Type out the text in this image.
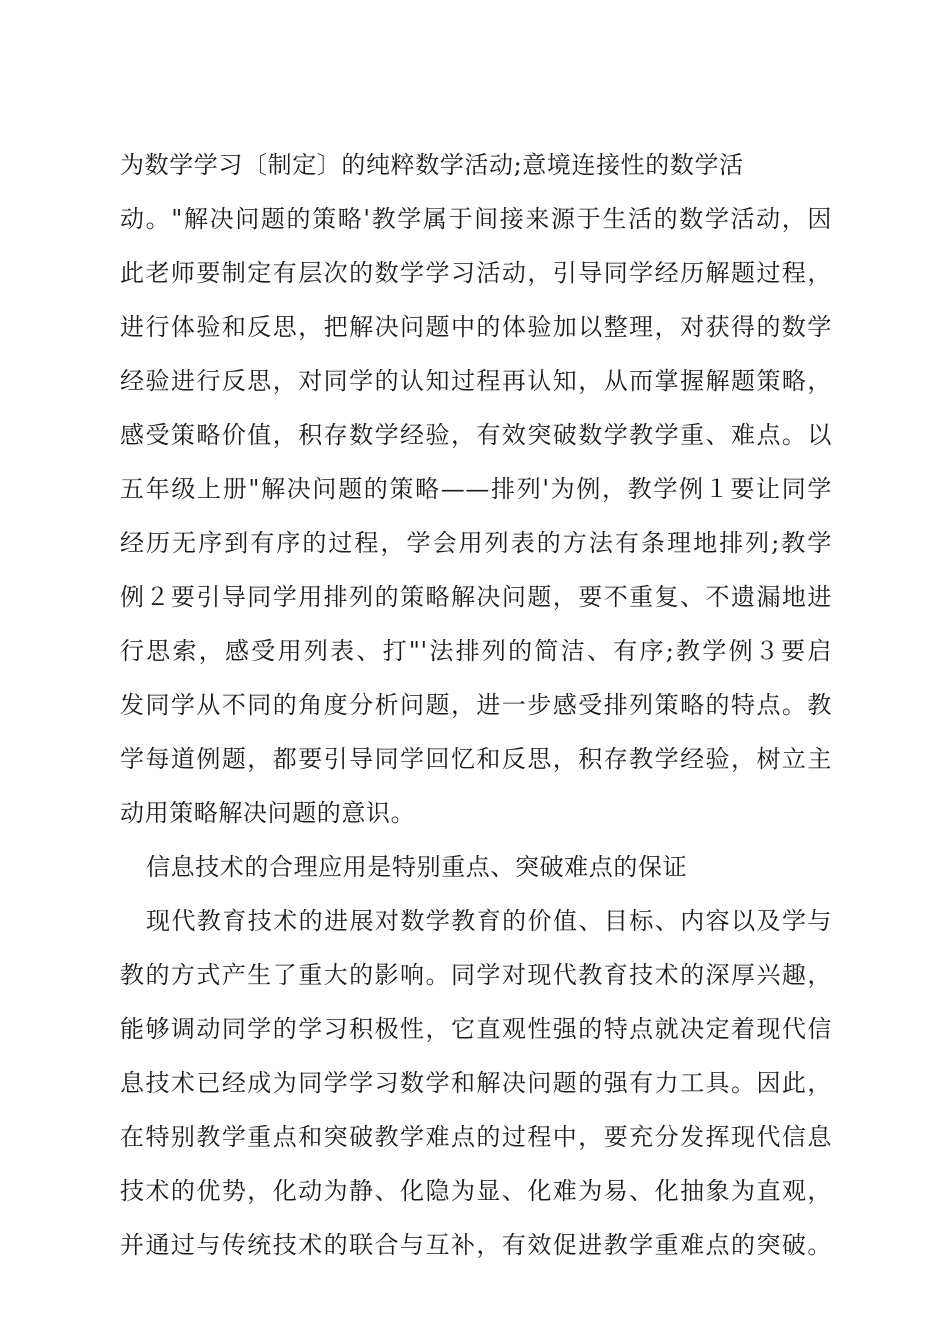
为数学学习〔制定〕的纯粹数学活动;意境连接性的数学活
动。"解决问题的策略'教学属于间接来源于生活的数学活动，因
此老师要制定有层次的数学学习活动，引导同学经历解题过程，
进行体验和反思，把解决问题中的体验加以整理，对获得的数学
经验进行反思，对同学的认知过程再认知，从而掌握解题策略，
感受策略价值，积存数学经验，有效突破数学教学重、难点。以
五年级上册"解决问题的策略——排列'为例，教学例１要让同学
经历无序到有序的过程，学会用列表的方法有条理地排列;教学
例２要引导同学用排列的策略解决问题，要不重复、不遗漏地进
行思索，感受用列表、打"'法排列的简洁、有序;教学例３要启
发同学从不同的角度分析问题，进一步感受排列策略的特点。教
学每道例题，都要引导同学回忆和反思，积存教学经验，树立主
动用策略解决问题的意识。
信息技术的合理应用是特别重点、突破难点的保证
现代教育技术的进展对数学教育的价值、目标、内容以及学与
教的方式产生了重大的影响。同学对现代教育技术的深厚兴趣，
能够调动同学的学习积极性，它直观性强的特点就决定着现代信
息技术已经成为同学学习数学和解决问题的强有力工具。因此，
在特别教学重点和突破教学难点的过程中，要充分发挥现代信息
技术的优势，化动为静、化隐为显、化难为易、化抽象为直观，
并通过与传统技术的联合与互补，有效促进教学重难点的突破。
